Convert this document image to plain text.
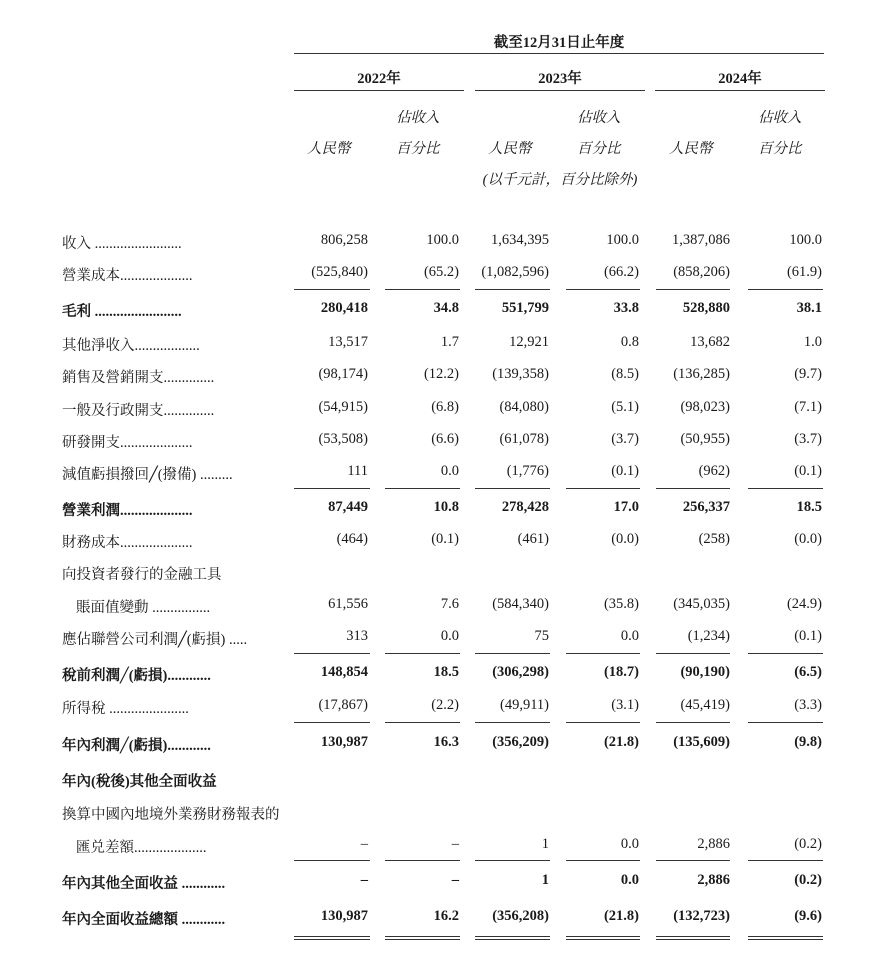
截至12月31日止年度
2022年	2023年	2024年
佔收入	佔收入	佔收入
人民幣	百分比	人民幣	百分比	人民幣	百分比
(以千元計，百分比除外)
收入 ........................	806,258	100.0	1,634,395	100.0	1,387,086	100.0
營業成本....................	(525,840)	(65.2)	(1,082,596)	(66.2)	(858,206)	(61.9)
毛利 ........................	280,418	34.8	551,799	33.8	528,880	38.1
其他淨收入..................	13,517	1.7	12,921	0.8	13,682	1.0
銷售及營銷開支..............	(98,174)	(12.2)	(139,358)	(8.5)	(136,285)	(9.7)
一般及行政開支..............	(54,915)	(6.8)	(84,080)	(5.1)	(98,023)	(7.1)
研發開支....................	(53,508)	(6.6)	(61,078)	(3.7)	(50,955)	(3.7)
減值虧損撥回╱(撥備) .........	111	0.0	(1,776)	(0.1)	(962)	(0.1)
營業利潤....................	87,449	10.8	278,428	17.0	256,337	18.5
財務成本....................	(464)	(0.1)	(461)	(0.0)	(258)	(0.0)
向投資者發行的金融工具
賬面值變動 ................	61,556	7.6	(584,340)	(35.8)	(345,035)	(24.9)
應佔聯營公司利潤╱(虧損) .....	313	0.0	75	0.0	(1,234)	(0.1)
稅前利潤╱(虧損)............	148,854	18.5	(306,298)	(18.7)	(90,190)	(6.5)
所得稅 ......................	(17,867)	(2.2)	(49,911)	(3.1)	(45,419)	(3.3)
年內利潤╱(虧損)............	130,987	16.3	(356,209)	(21.8)	(135,609)	(9.8)
年內(稅後)其他全面收益
換算中國內地境外業務財務報表的
匯兑差額....................	–	–	1	0.0	2,886	(0.2)
年內其他全面收益 ............	–	–	1	0.0	2,886	(0.2)
年內全面收益總額 ............	130,987	16.2	(356,208)	(21.8)	(132,723)	(9.6)
